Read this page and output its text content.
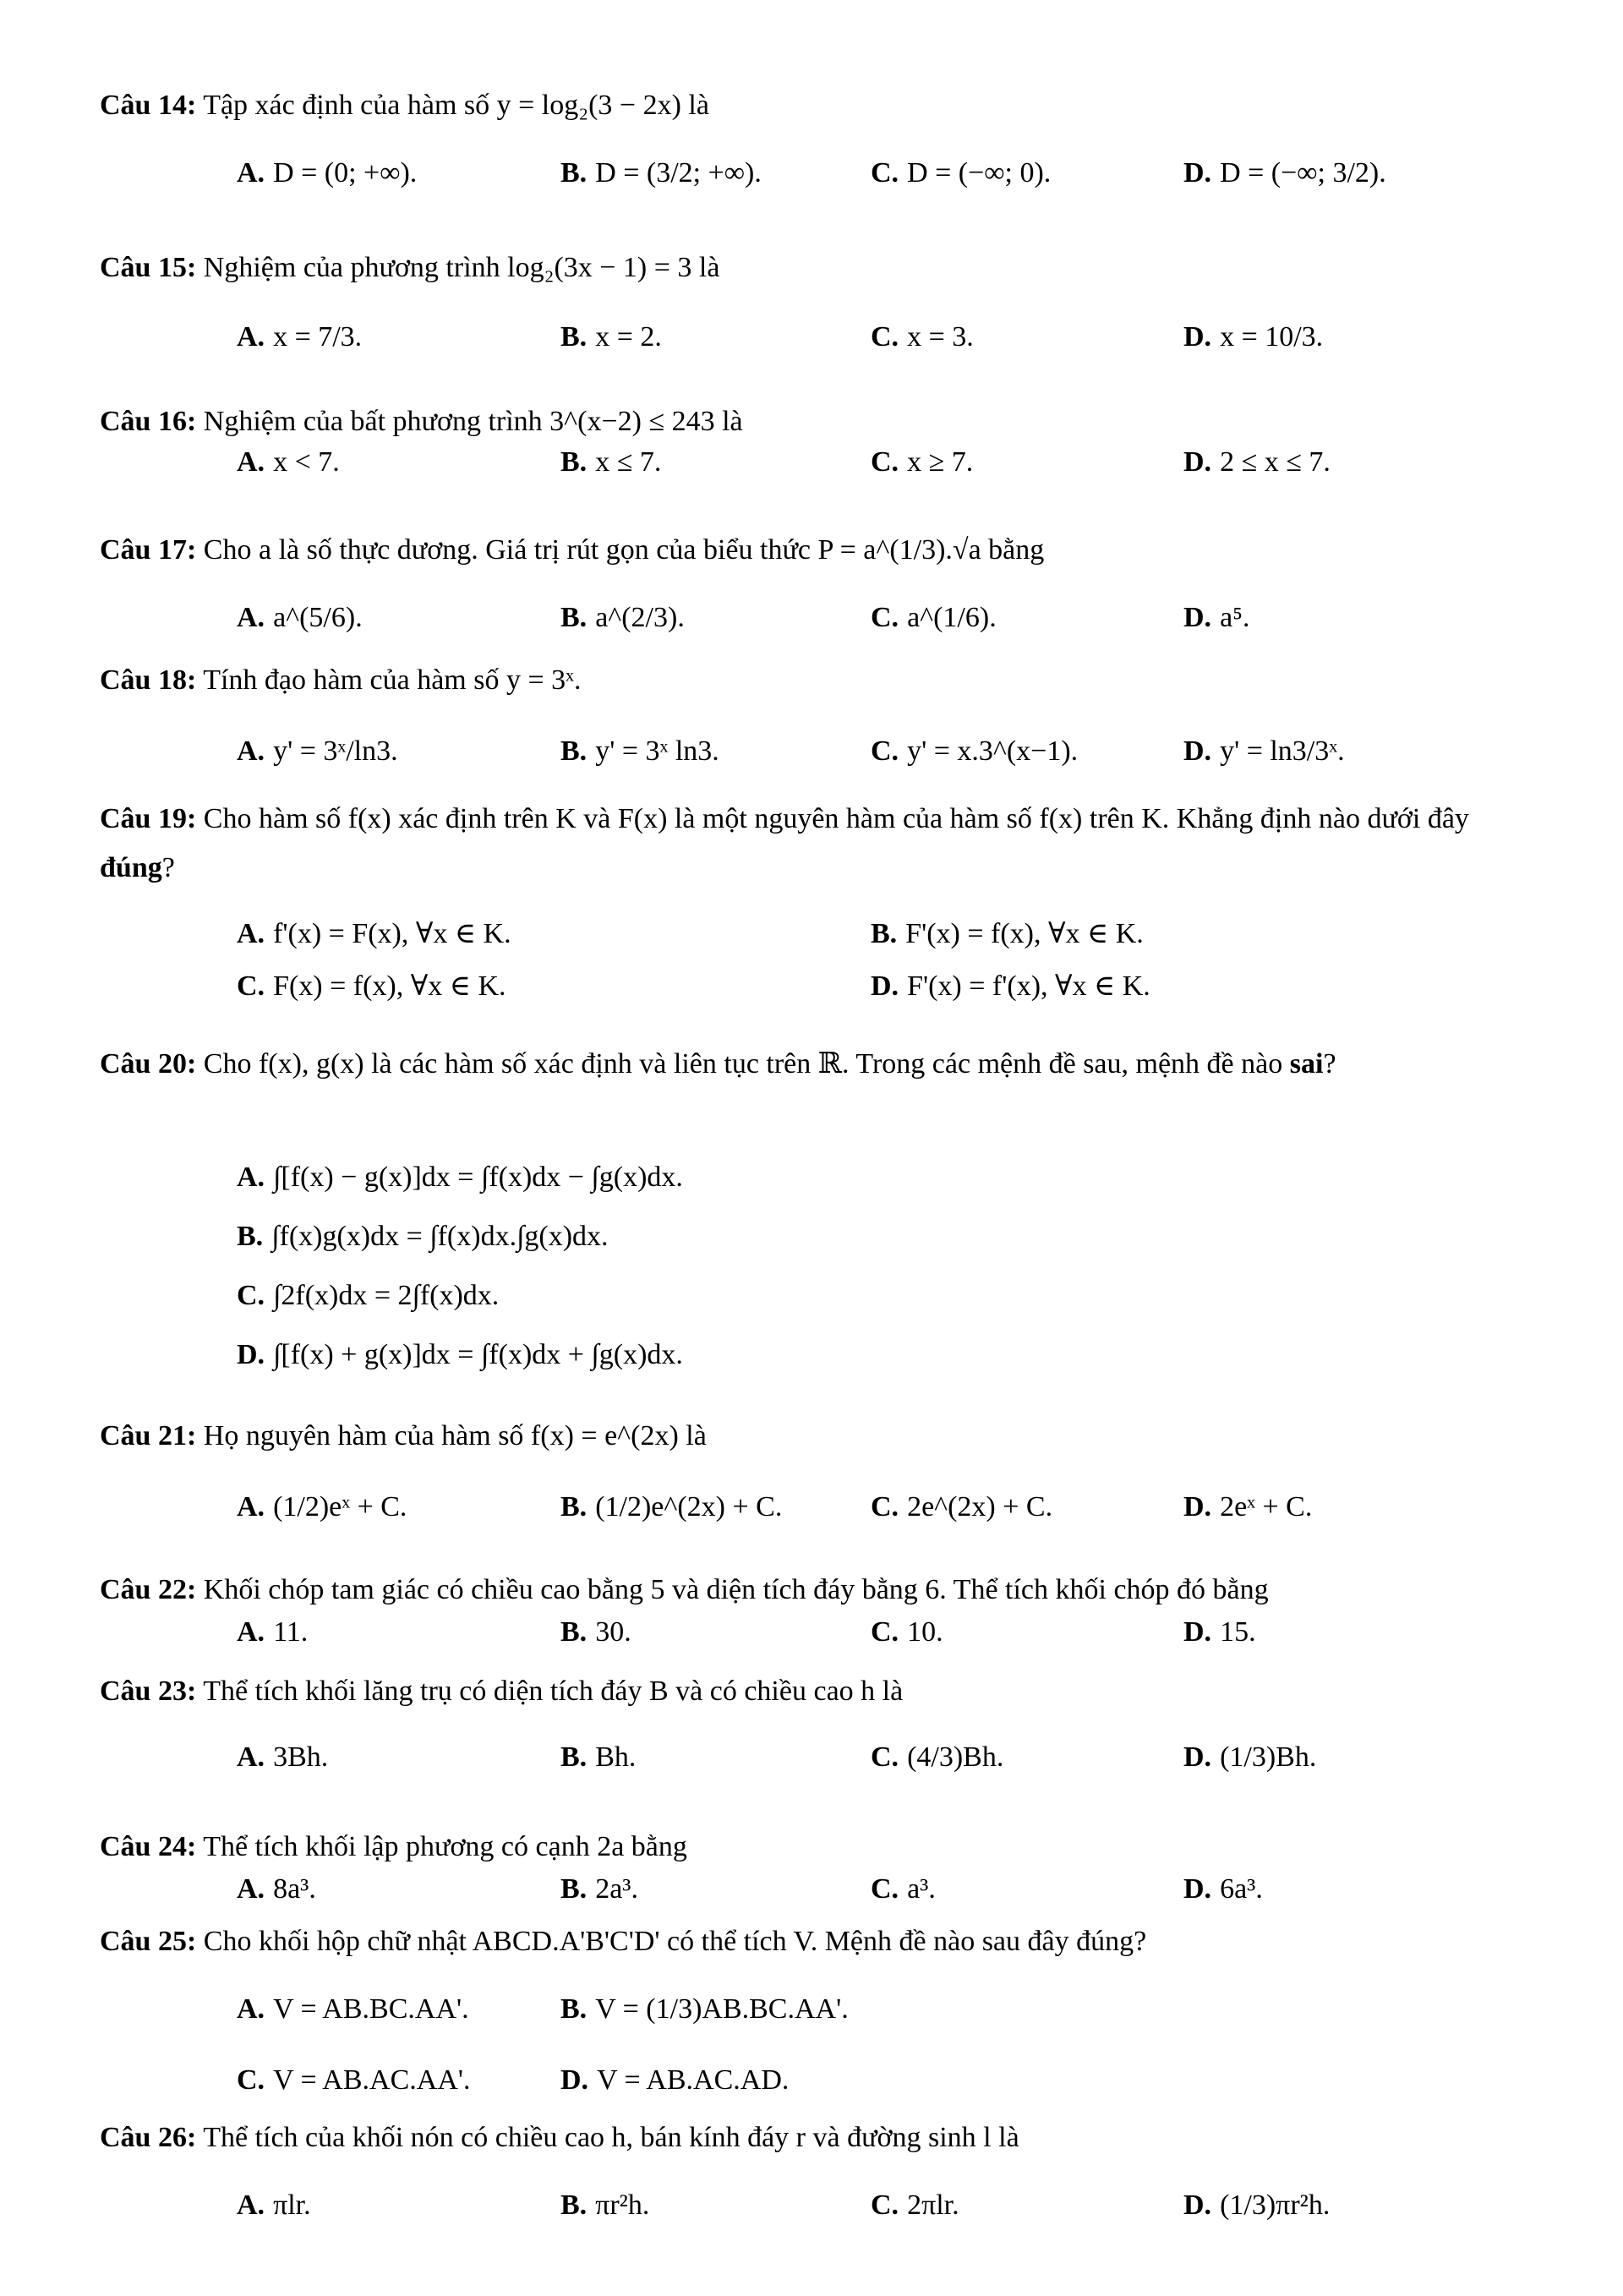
Câu 14: Tập xác định của hàm số y = log₂(3 − 2x) là
A. D = (0; +∞).	B. D = (3/2; +∞).	C. D = (−∞; 0).	D. D = (−∞; 3/2).
Câu 15: Nghiệm của phương trình log₂(3x − 1) = 3 là
A. x = 7/3.	B. x = 2.	C. x = 3.	D. x = 10/3.
Câu 16: Nghiệm của bất phương trình 3^(x−2) ≤ 243 là
A. x < 7.	B. x ≤ 7.	C. x ≥ 7.	D. 2 ≤ x ≤ 7.
Câu 17: Cho a là số thực dương. Giá trị rút gọn của biểu thức P = a^(1/3).√a bằng
A. a^(5/6).	B. a^(2/3).	C. a^(1/6).	D. a⁵.
Câu 18: Tính đạo hàm của hàm số y = 3ˣ.
A. y' = 3ˣ/ln3.	B. y' = 3ˣ ln3.	C. y' = x.3^(x−1).	D. y' = ln3/3ˣ.
Câu 19: Cho hàm số f(x) xác định trên K và F(x) là một nguyên hàm của hàm số f(x) trên K. Khẳng định nào dưới đây đúng?
A. f'(x) = F(x), ∀x ∈ K.	B. F'(x) = f(x), ∀x ∈ K.
C. F(x) = f(x), ∀x ∈ K.	D. F'(x) = f'(x), ∀x ∈ K.
Câu 20: Cho f(x), g(x) là các hàm số xác định và liên tục trên ℝ. Trong các mệnh đề sau, mệnh đề nào sai?
A. ∫[f(x) − g(x)]dx = ∫f(x)dx − ∫g(x)dx.
B. ∫f(x)g(x)dx = ∫f(x)dx.∫g(x)dx.
C. ∫2f(x)dx = 2∫f(x)dx.
D. ∫[f(x) + g(x)]dx = ∫f(x)dx + ∫g(x)dx.
Câu 21: Họ nguyên hàm của hàm số f(x) = e^(2x) là
A. (1/2)eˣ + C.	B. (1/2)e^(2x) + C.	C. 2e^(2x) + C.	D. 2eˣ + C.
Câu 22: Khối chóp tam giác có chiều cao bằng 5 và diện tích đáy bằng 6. Thể tích khối chóp đó bằng
A. 11.	B. 30.	C. 10.	D. 15.
Câu 23: Thể tích khối lăng trụ có diện tích đáy B và có chiều cao h là
A. 3Bh.	B. Bh.	C. (4/3)Bh.	D. (1/3)Bh.
Câu 24: Thể tích khối lập phương có cạnh 2a bằng
A. 8a³.	B. 2a³.	C. a³.	D. 6a³.
Câu 25: Cho khối hộp chữ nhật ABCD.A'B'C'D' có thể tích V. Mệnh đề nào sau đây đúng?
A. V = AB.BC.AA'.	B. V = (1/3)AB.BC.AA'.
C. V = AB.AC.AA'.	D. V = AB.AC.AD.
Câu 26: Thể tích của khối nón có chiều cao h, bán kính đáy r và đường sinh l là
A. πlr.	B. πr²h.	C. 2πlr.	D. (1/3)πr²h.
